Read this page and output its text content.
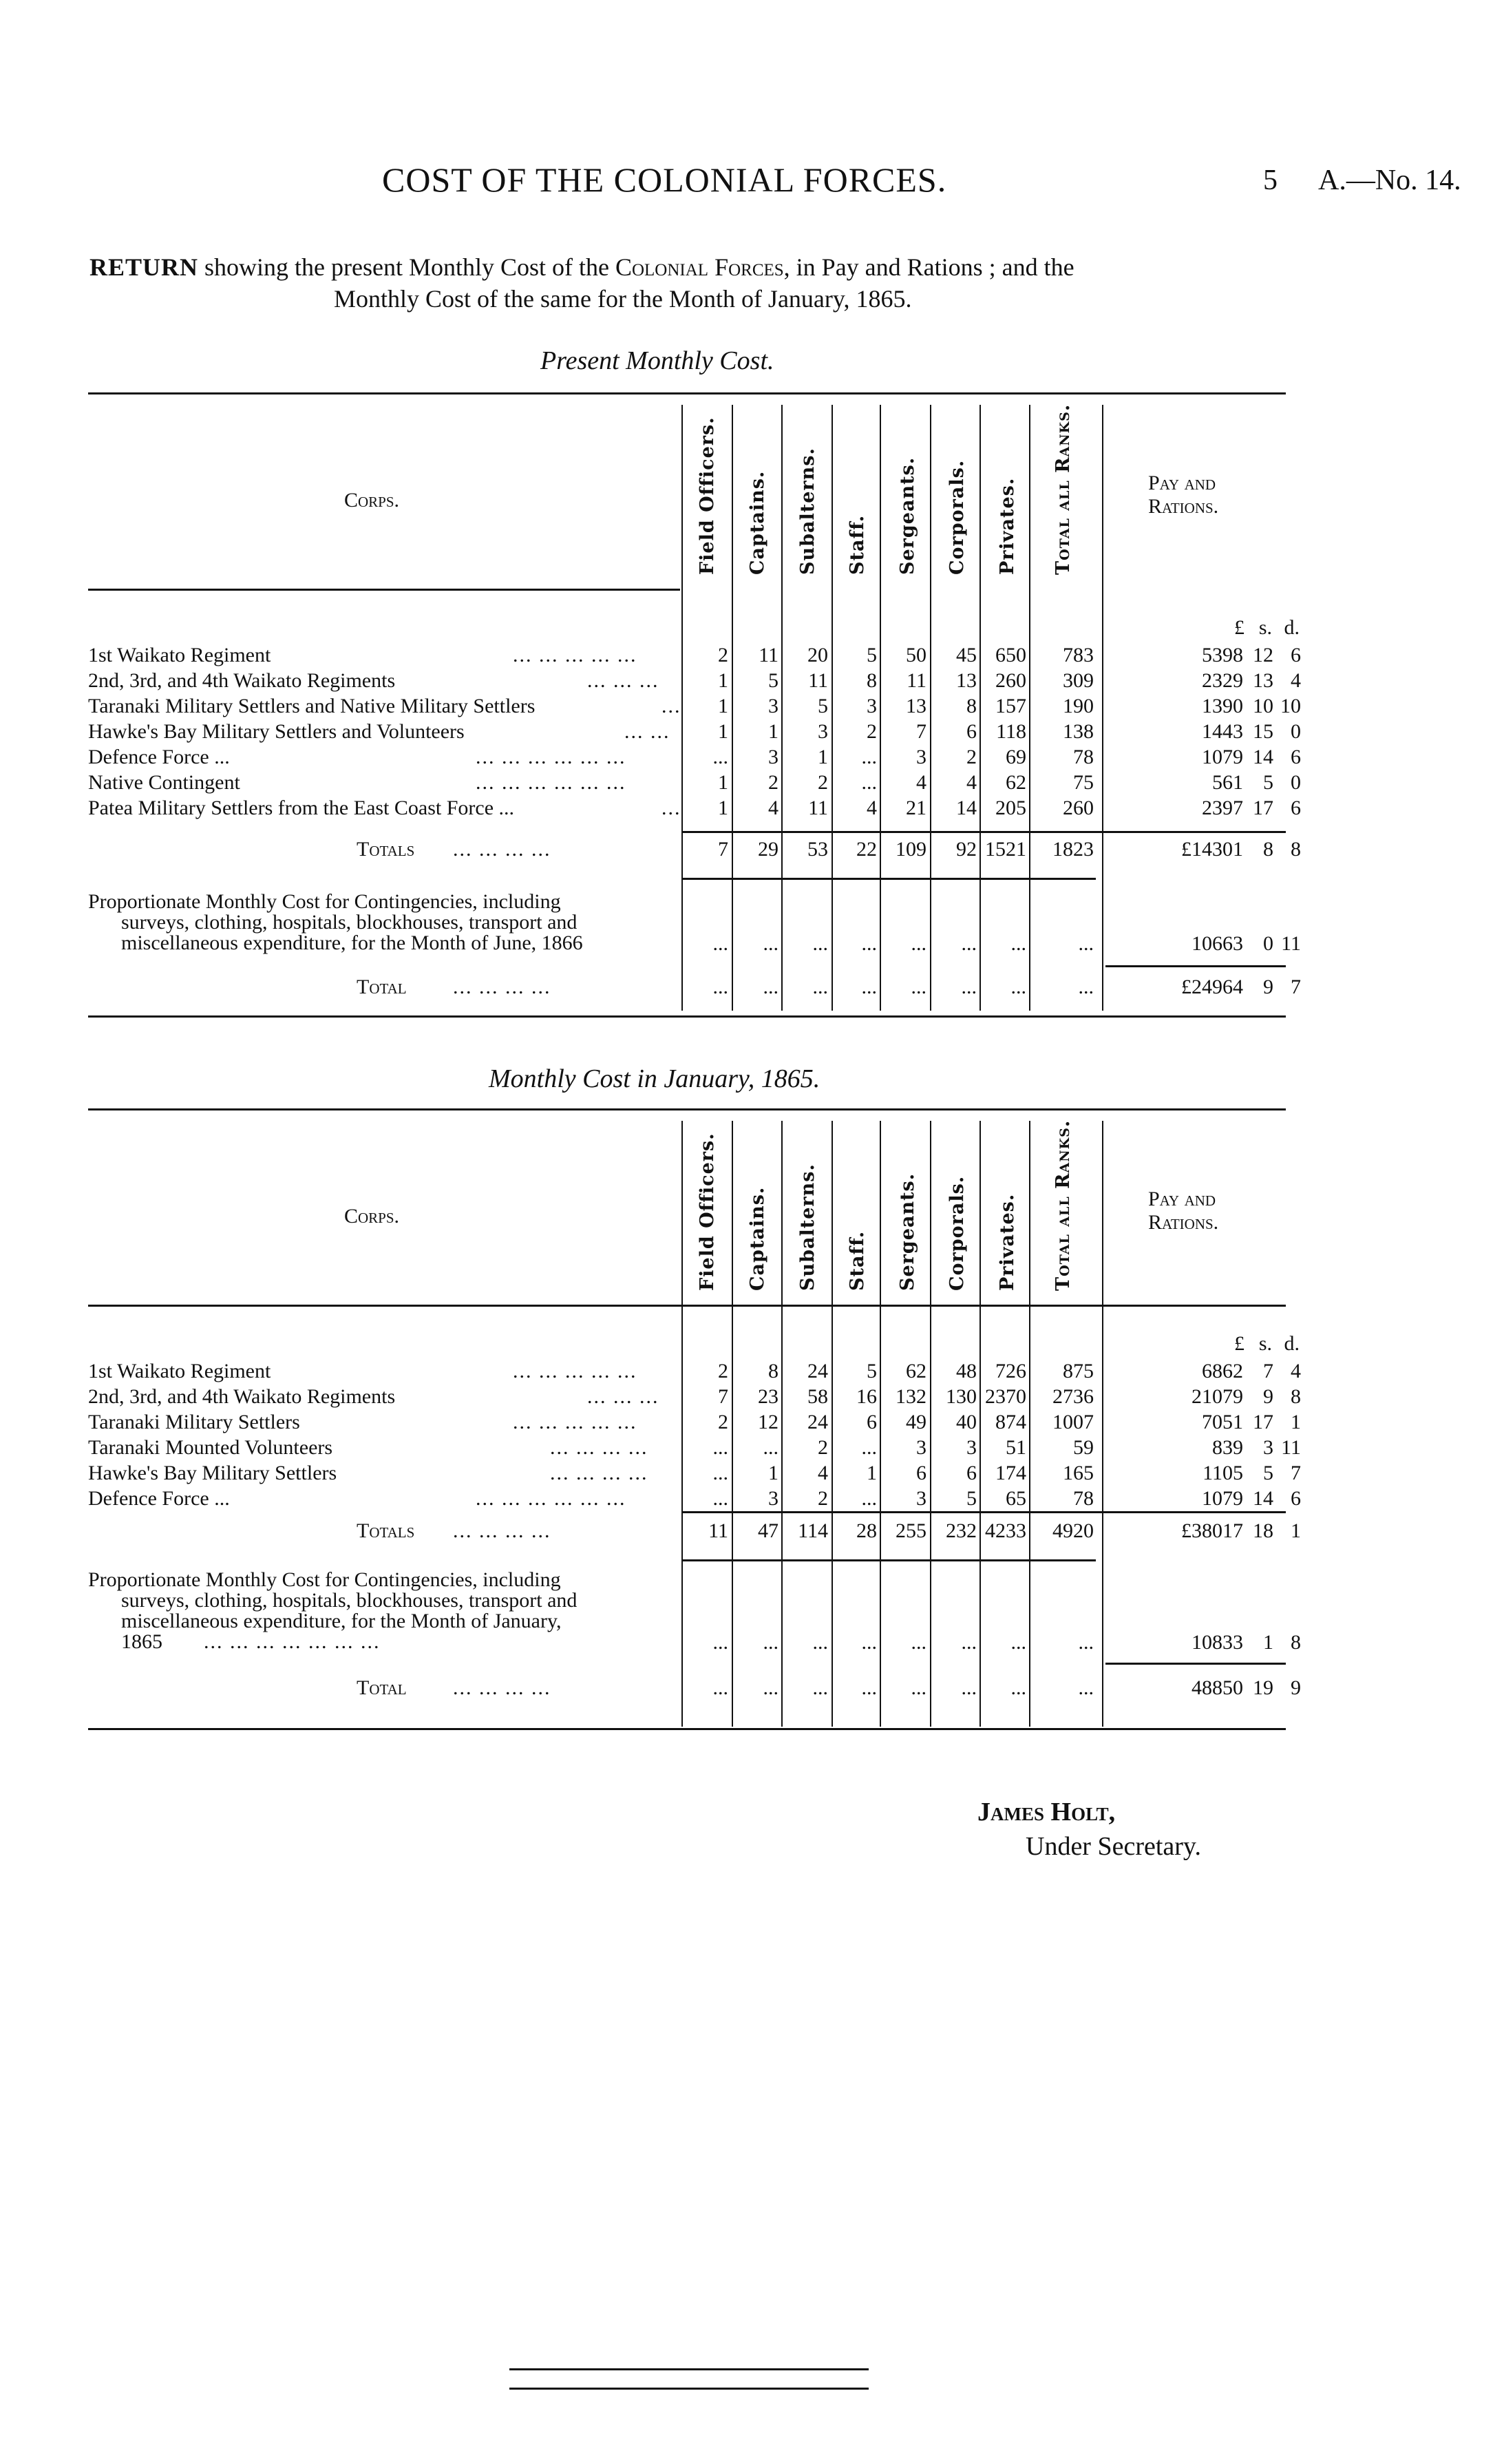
COST OF THE COLONIAL FORCES.	5 A.—No. 14.
RETURN showing the present Monthly Cost of the Colonial Forces, in Pay and Rations ; and the
Monthly Cost of the same for the Month of January, 1865.
Present Monthly Cost.
Corps.	Field Officers. Captains. Subalterns. Staff. Sergeants. Corporals. Privates. Total all Ranks.	Pay and
Rations.
£ s. d.
1st Waikato Regiment	... ... ... ... ...	2	11	20	5	50	45 650	783	5398 12 6
2nd, 3rd, and 4th Waikato Regiments	... ... ...	1	5	11	8	11	13 260	309	2329 13 4
Taranaki Military Settlers and Native Military Settlers	...	1	3	5	3	13	8 157	190	1390 10 10
Hawke's Bay Military Settlers and Volunteers	... ...	1	1	3	2	7	6 118	138	1443 15 0
Defence Force ...	... ... ... ... ... ...	...	3	1	...	3	2	69	78	1079 14 6
Native Contingent	... ... ... ... ... ...	1	2	2	...	4	4	62	75	561 5 0
Patea Military Settlers from the East Coast Force ...	...	1	4	11	4	21	14 205	260	2397 17 6
Totals ... ... ... ...	7	29	53	22 109	92 1521	1823	£14301 8 8
Proportionate Monthly Cost for Contingencies, including
surveys, clothing, hospitals, blockhouses, transport and
miscellaneous expenditure, for the Month of June, 1866	...	...	...	...	...	...	...	...	10663 0 11
Total ... ... ... ...	...	...	...	...	...	...	...	...	£24964 9 7
Monthly Cost in January, 1865.
Corps.	Field Officers. Captains. Subalterns. Staff. Sergeants. Corporals. Privates. Total all Ranks.	Pay and
Rations.
£ s. d.
1st Waikato Regiment	... ... ... ... ...	2	8	24	5	62	48 726	875	6862 7 4
2nd, 3rd, and 4th Waikato Regiments	... ... ...	7	23	58	16 132 130 2370	2736	21079 9 8
Taranaki Military Settlers	... ... ... ... ...	2	12	24	6	49	40 874	1007	7051 17 1
Taranaki Mounted Volunteers	... ... ... ...	...	...	2	...	3	3	51	59	839 3 11
Hawke's Bay Military Settlers	... ... ... ...	...	1	4	1	6	6 174	165	1105 5 7
Defence Force ...	... ... ... ... ... ...	...	3	2	...	3	5	65	78	1079 14 6
Totals ... ... ... ...	11	47 114	28 255 232 4233	4920	£38017 18 1
Proportionate Monthly Cost for Contingencies, including
surveys, clothing, hospitals, blockhouses, transport and
miscellaneous expenditure, for the Month of January,
1865 ... ... ... ... ... ... ...	...	...	...	...	...	...	...	...	10833 1 8
Total ... ... ... ...	...	...	...	...	...	...	...	...	48850 19 9
James Holt,
Under Secretary.
